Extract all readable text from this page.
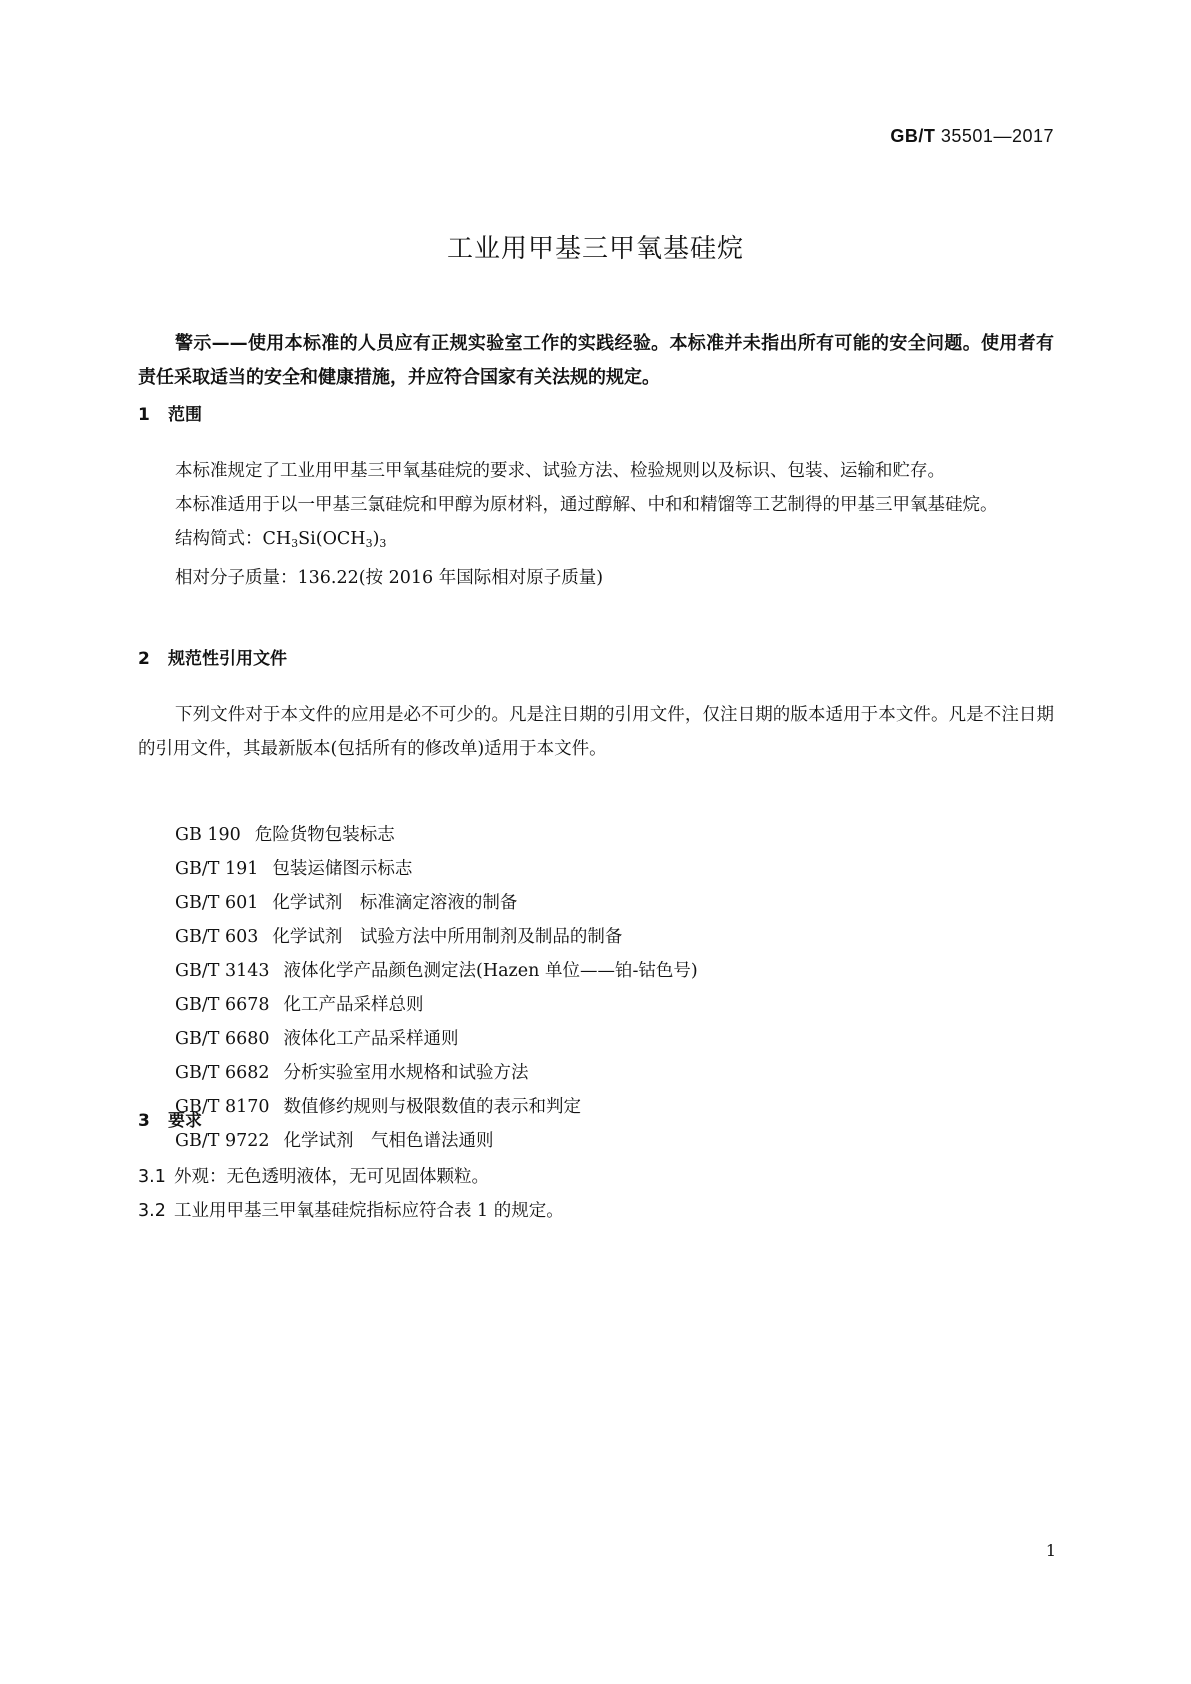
GB/T 35501—2017
工业用甲基三甲氧基硅烷
警示——使用本标准的人员应有正规实验室工作的实践经验。本标准并未指出所有可能的安全问题。使用者有责任采取适当的安全和健康措施，并应符合国家有关法规的规定。
1 范围
本标准规定了工业用甲基三甲氧基硅烷的要求、试验方法、检验规则以及标识、包装、运输和贮存。
本标准适用于以一甲基三氯硅烷和甲醇为原材料，通过醇解、中和和精馏等工艺制得的甲基三甲氧基硅烷。
结构简式：$CH_3Si(OCH_3)_3$
相对分子质量：136.22(按 2016 年国际相对原子质量)
2 规范性引用文件
下列文件对于本文件的应用是必不可少的。凡是注日期的引用文件，仅注日期的版本适用于本文件。凡是不注日期的引用文件，其最新版本(包括所有的修改单)适用于本文件。
GB 190 危险货物包装标志
GB/T 191 包装运储图示标志
GB/T 601 化学试剂　标准滴定溶液的制备
GB/T 603 化学试剂　试验方法中所用制剂及制品的制备
GB/T 3143 液体化学产品颜色测定法(Hazen 单位——铂-钴色号)
GB/T 6678 化工产品采样总则
GB/T 6680 液体化工产品采样通则
GB/T 6682 分析实验室用水规格和试验方法
GB/T 8170 数值修约规则与极限数值的表示和判定
GB/T 9722 化学试剂　气相色谱法通则
3 要求
3.1 外观：无色透明液体，无可见固体颗粒。
3.2 工业用甲基三甲氧基硅烷指标应符合表 1 的规定。
1
